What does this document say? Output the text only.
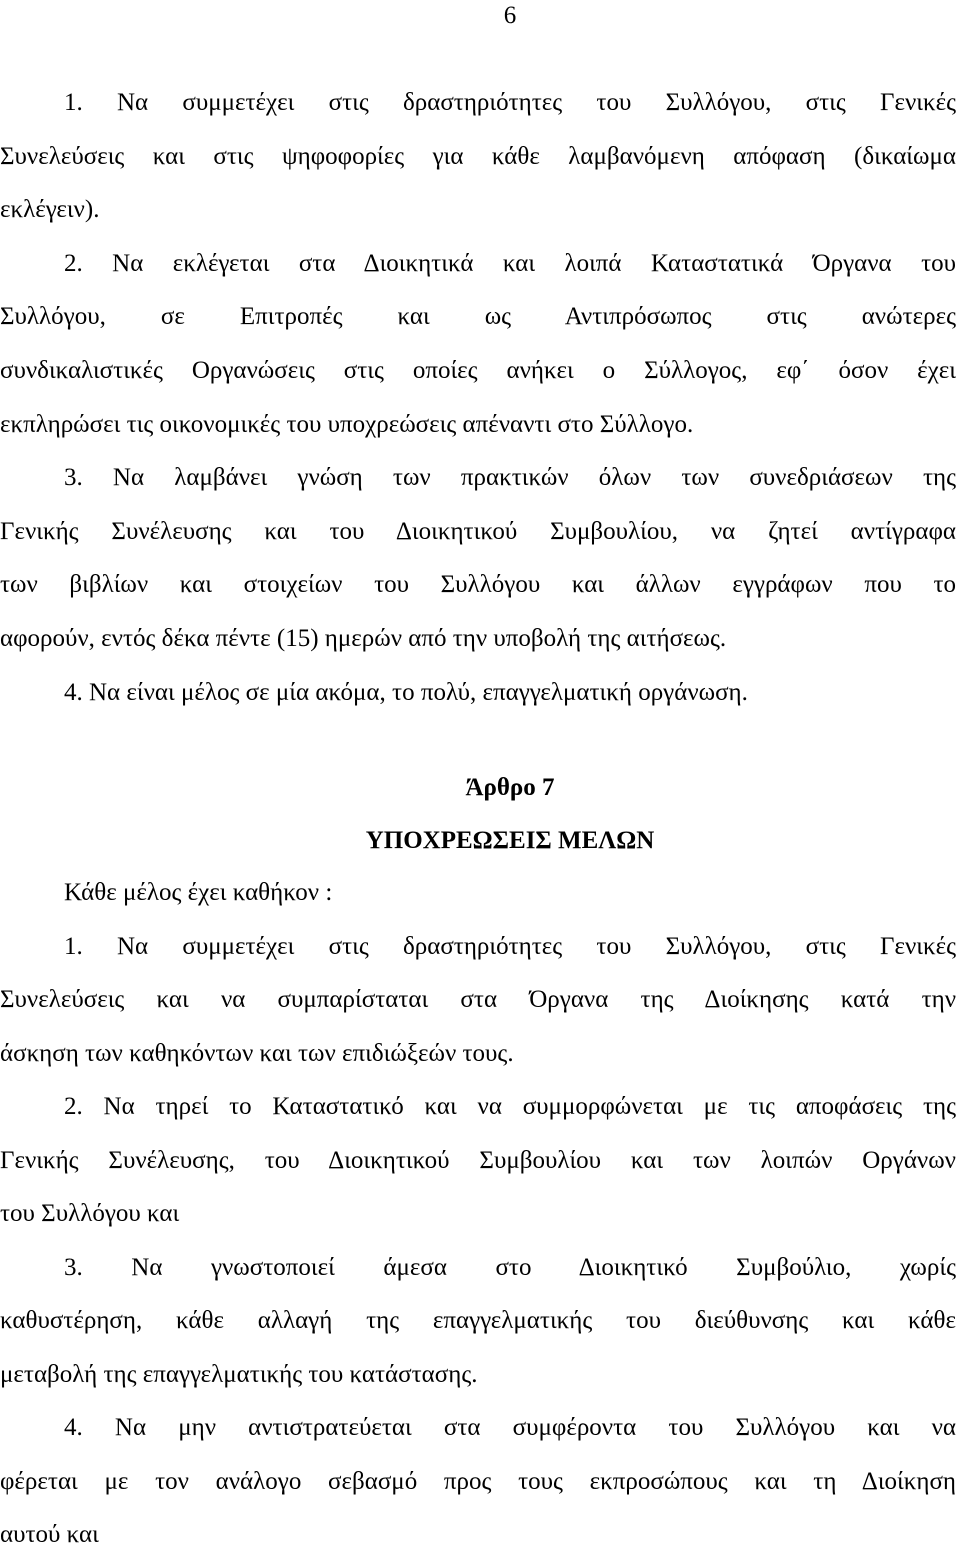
6
1. Να συμμετέχει στις δραστηριότητες του Συλλόγου, στις Γενικές
Συνελεύσεις και στις ψηφοφορίες για κάθε λαμβανόμενη απόφαση (δικαίωμα
εκλέγειν).
2. Να εκλέγεται στα Διοικητικά και λοιπά Καταστατικά Όργανα του
Συλλόγου, σε Επιτροπές και ως Αντιπρόσωπος στις ανώτερες
συνδικαλιστικές Οργανώσεις στις οποίες ανήκει ο Σύλλογος, εφ΄ όσον έχει
εκπληρώσει τις οικονομικές του υποχρεώσεις απέναντι στο Σύλλογο.
3. Να λαμβάνει γνώση των πρακτικών όλων των συνεδριάσεων της
Γενικής Συνέλευσης και του Διοικητικού Συμβουλίου, να ζητεί αντίγραφα
των βιβλίων και στοιχείων του Συλλόγου και άλλων εγγράφων που το
αφορούν, εντός δέκα πέντε (15) ημερών από την υποβολή της αιτήσεως.
4. Να είναι μέλος σε μία ακόμα, το πολύ, επαγγελματική οργάνωση.
Άρθρο 7
ΥΠΟΧΡΕΩΣΕΙΣ ΜΕΛΩΝ
Κάθε μέλος έχει καθήκον :
1. Να συμμετέχει στις δραστηριότητες του Συλλόγου, στις Γενικές
Συνελεύσεις και να συμπαρίσταται στα Όργανα της Διοίκησης κατά την
άσκηση των καθηκόντων και των επιδιώξεών τους.
2. Να τηρεί το Καταστατικό και να συμμορφώνεται με τις αποφάσεις της
Γενικής Συνέλευσης, του Διοικητικού Συμβουλίου και των λοιπών Οργάνων
του Συλλόγου και
3. Να γνωστοποιεί άμεσα στο Διοικητικό Συμβούλιο, χωρίς
καθυστέρηση, κάθε αλλαγή της επαγγελματικής του διεύθυνσης και κάθε
μεταβολή της επαγγελματικής του κατάστασης.
4. Να μην αντιστρατεύεται στα συμφέροντα του Συλλόγου και να
φέρεται με τον ανάλογο σεβασμό προς τους εκπροσώπους και τη Διοίκηση
αυτού και
